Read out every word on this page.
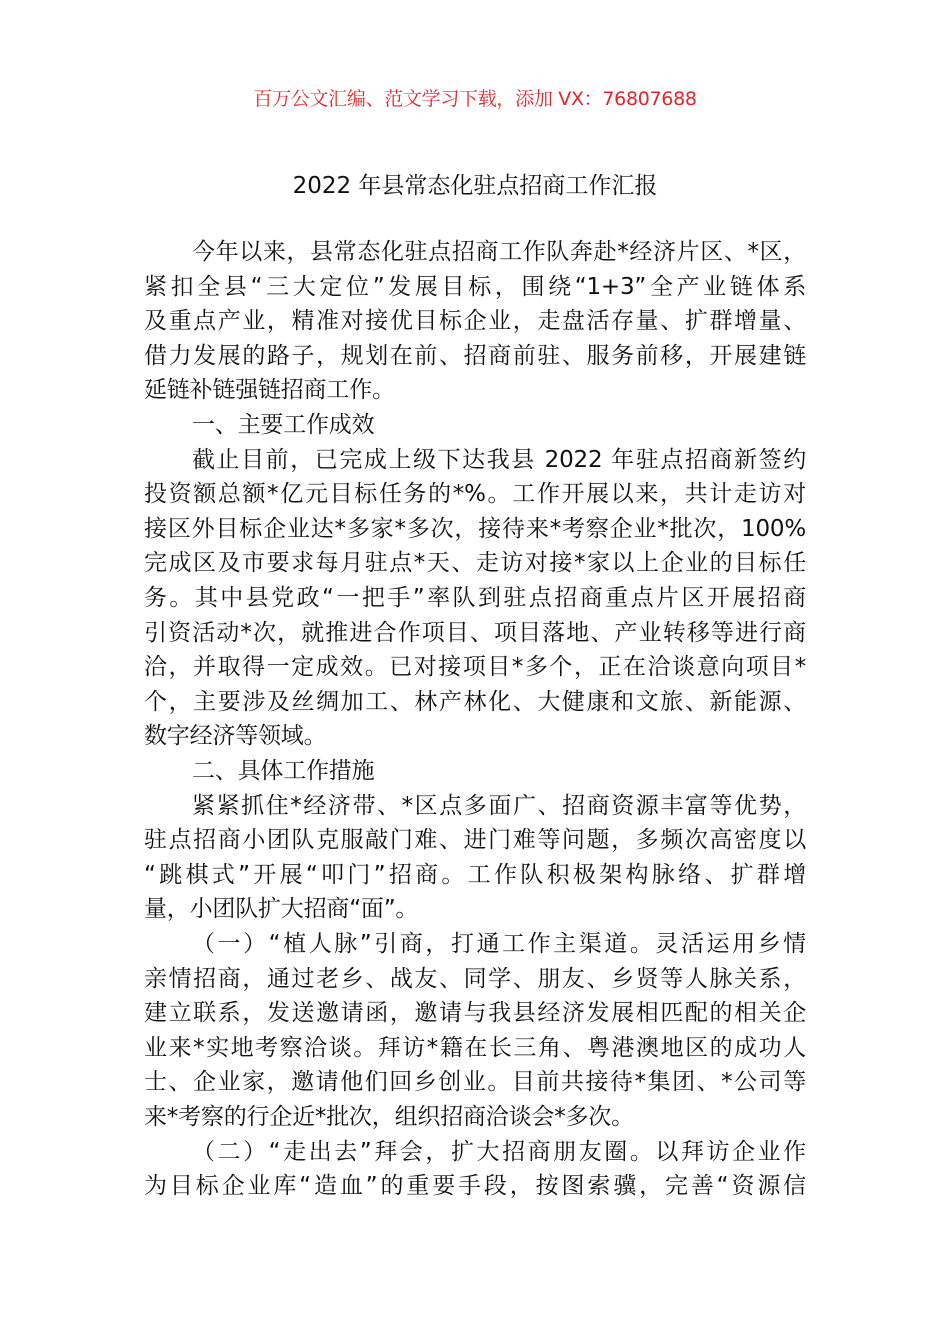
百万公文汇编、范文学习下载，添加 VX：76807688
2022 年县常态化驻点招商工作汇报
今年以来，县常态化驻点招商工作队奔赴*经济片区、*区，
紧扣全县“三大定位”发展目标，围绕“1+3”全产业链体系
及重点产业，精准对接优目标企业，走盘活存量、扩群增量、
借力发展的路子，规划在前、招商前驻、服务前移，开展建链
延链补链强链招商工作。
一、主要工作成效
截止目前，已完成上级下达我县 2022 年驻点招商新签约
投资额总额*亿元目标任务的*%。工作开展以来，共计走访对
接区外目标企业达*多家*多次，接待来*考察企业*批次，100%
完成区及市要求每月驻点*天、走访对接*家以上企业的目标任
务。其中县党政“一把手”率队到驻点招商重点片区开展招商
引资活动*次，就推进合作项目、项目落地、产业转移等进行商
洽，并取得一定成效。已对接项目*多个，正在洽谈意向项目*
个，主要涉及丝绸加工、林产林化、大健康和文旅、新能源、
数字经济等领域。
二、具体工作措施
紧紧抓住*经济带、*区点多面广、招商资源丰富等优势，
驻点招商小团队克服敲门难、进门难等问题，多频次高密度以
“跳棋式”开展“叩门”招商。工作队积极架构脉络、扩群增
量，小团队扩大招商“面”。
（一）“植人脉”引商，打通工作主渠道。灵活运用乡情
亲情招商，通过老乡、战友、同学、朋友、乡贤等人脉关系，
建立联系，发送邀请函，邀请与我县经济发展相匹配的相关企
业来*实地考察洽谈。拜访*籍在长三角、粤港澳地区的成功人
士、企业家，邀请他们回乡创业。目前共接待*集团、*公司等
来*考察的行企近*批次，组织招商洽谈会*多次。
（二）“走出去”拜会，扩大招商朋友圈。以拜访企业作
为目标企业库“造血”的重要手段，按图索骥，完善“资源信
